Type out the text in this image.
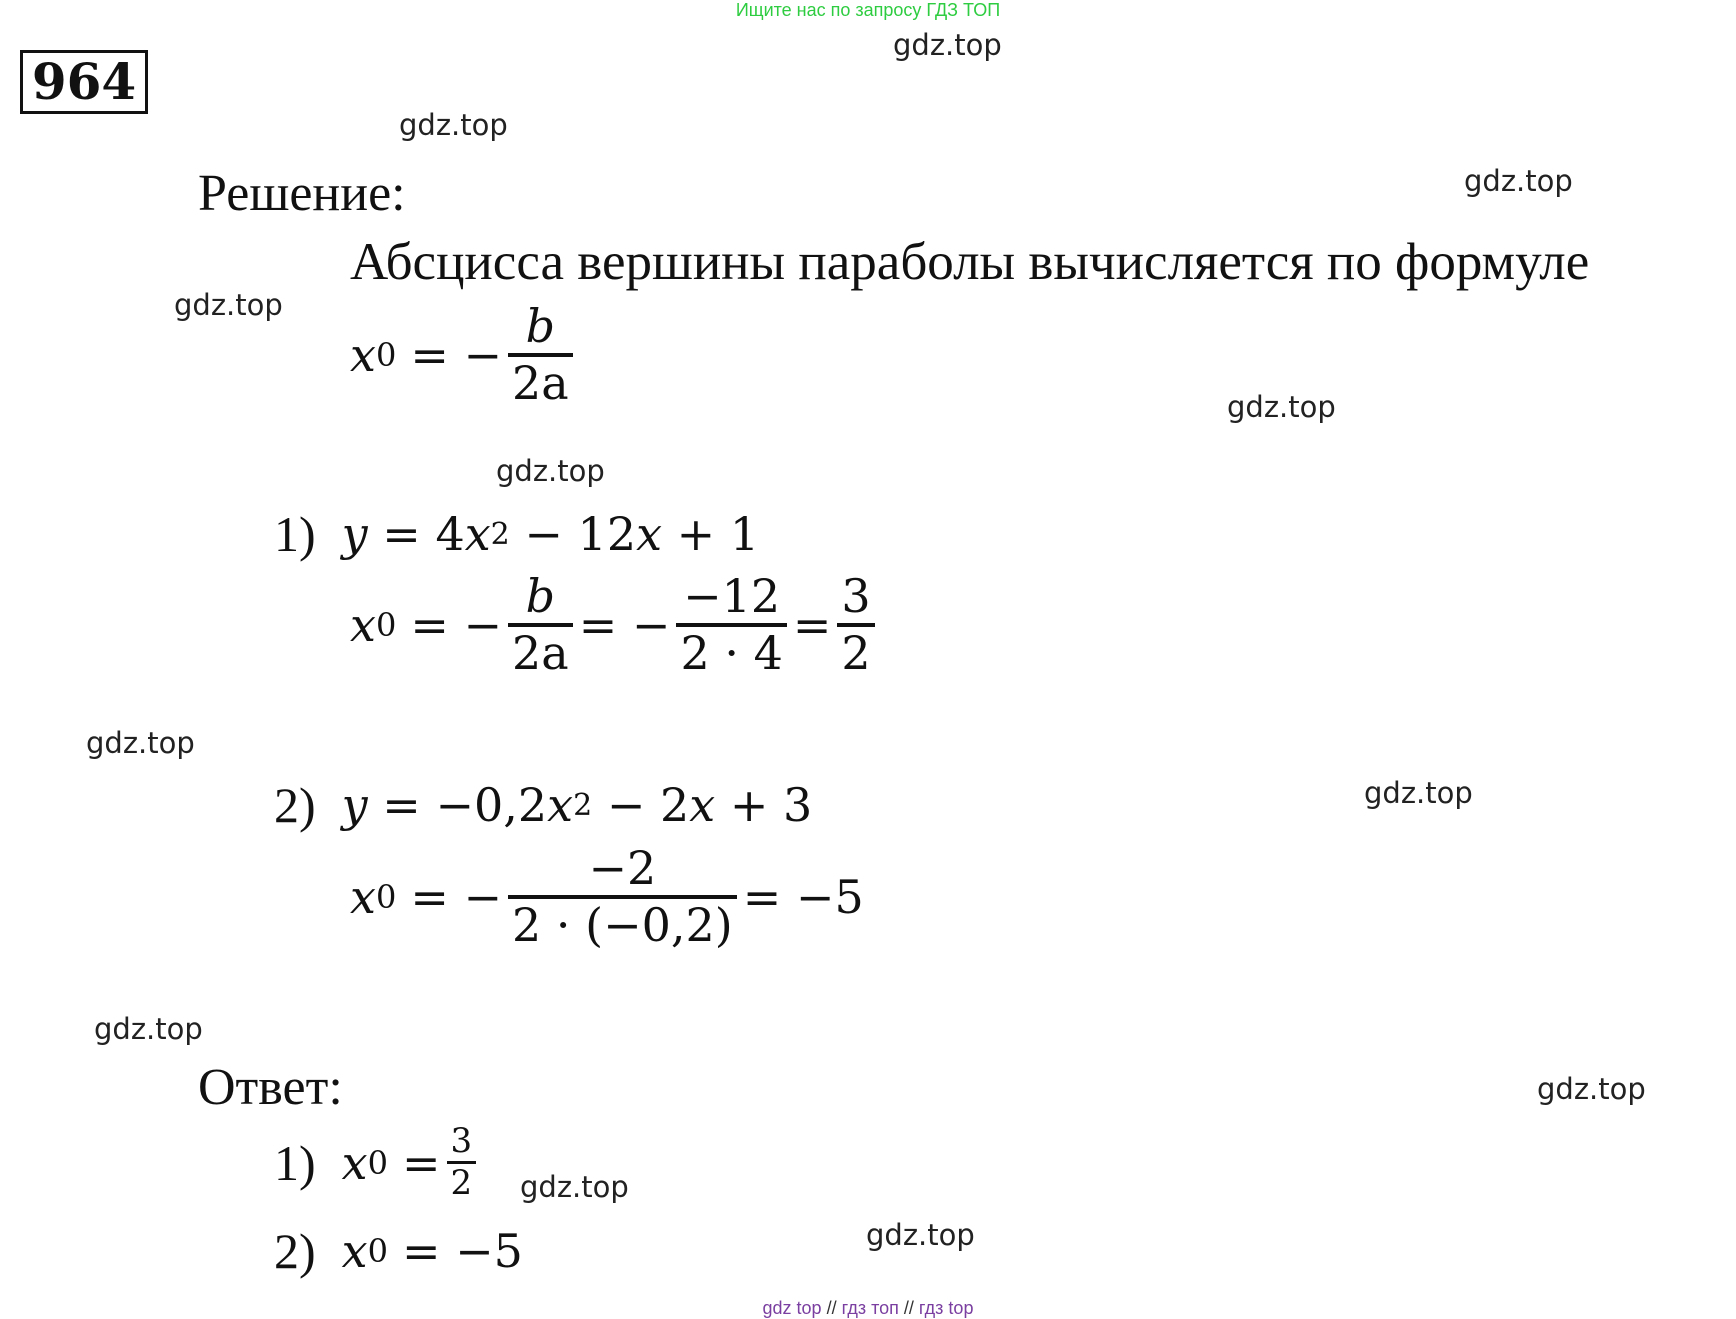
Ищите нас по запросу ГДЗ ТОП
964
gdz.top
gdz.top
gdz.top
gdz.top
gdz.top
gdz.top
gdz.top
gdz.top
gdz.top
gdz.top
gdz.top
gdz.top
Решение:
Абсцисса вершины параболы вычисляется по формуле
x 0 = − $\frac{b}{2a}$
1) y = 4 x 2 − 12 x + 1
x 0 = − $\frac{b}{2a}$ = − $\frac{-12}{2 \cdot 4} = \frac{3}{2}$
2) y = −0,2 x 2 − 2 x + 3
x 0 = − $\frac{-2}{2 \cdot (-0,2)} = -5$
Ответ:
1) x $0 = \frac{3}{2}$
2) x 0 = −5
gdz top // гдз топ // гдз top
